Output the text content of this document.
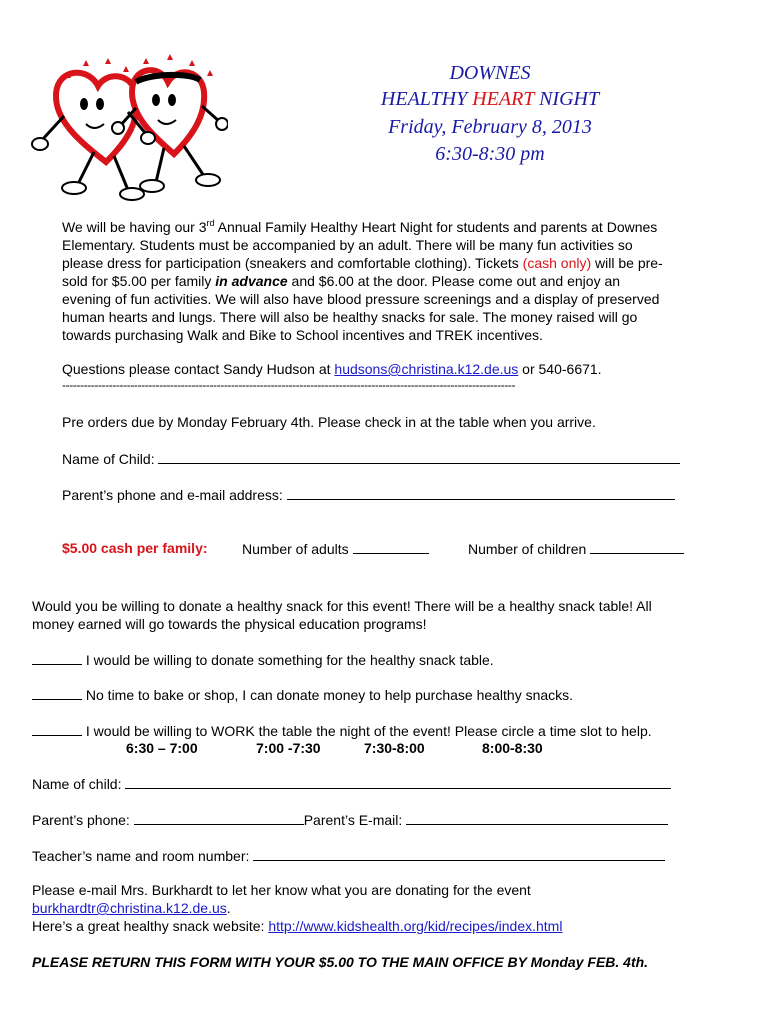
DOWNES
HEALTHY HEART NIGHT
Friday, February 8, 2013
6:30-8:30 pm
We will be having our 3rd Annual Family Healthy Heart Night for students and parents at Downes
Elementary. Students must be accompanied by an adult. There will be many fun activities so
please dress for participation (sneakers and comfortable clothing). Tickets (cash only) will be pre-
sold for $5.00 per family in advance and $6.00 at the door. Please come out and enjoy an
evening of fun activities. We will also have blood pressure screenings and a display of preserved
human hearts and lungs. There will also be healthy snacks for sale. The money raised will go
towards purchasing Walk and Bike to School incentives and TREK incentives.
Questions please contact Sandy Hudson at hudsons@christina.k12.de.us or 540-6671.
------------------------------------------------------------------------------------------------------------------------------
Pre orders due by Monday February 4th. Please check in at the table when you arrive.
Name of Child:
Parent’s phone and e-mail address:
$5.00 cash per family: Number of adults	Number of children
Would you be willing to donate a healthy snack for this event! There will be a healthy snack table! All
money earned will go towards the physical education programs!
I would be willing to donate something for the healthy snack table.
No time to bake or shop, I can donate money to help purchase healthy snacks.
I would be willing to WORK the table the night of the event! Please circle a time slot to help.
6:30 – 7:00	7:00 -7:30	7:30-8:00	8:00-8:30
Name of child:
Parent’s phone:	Parent’s E-mail:
Teacher’s name and room number:
Please e-mail Mrs. Burkhardt to let her know what you are donating for the event
burkhardtr@christina.k12.de.us.
Here’s a great healthy snack website: http://www.kidshealth.org/kid/recipes/index.html
PLEASE RETURN THIS FORM WITH YOUR $5.00 TO THE MAIN OFFICE BY Monday FEB. 4th.
